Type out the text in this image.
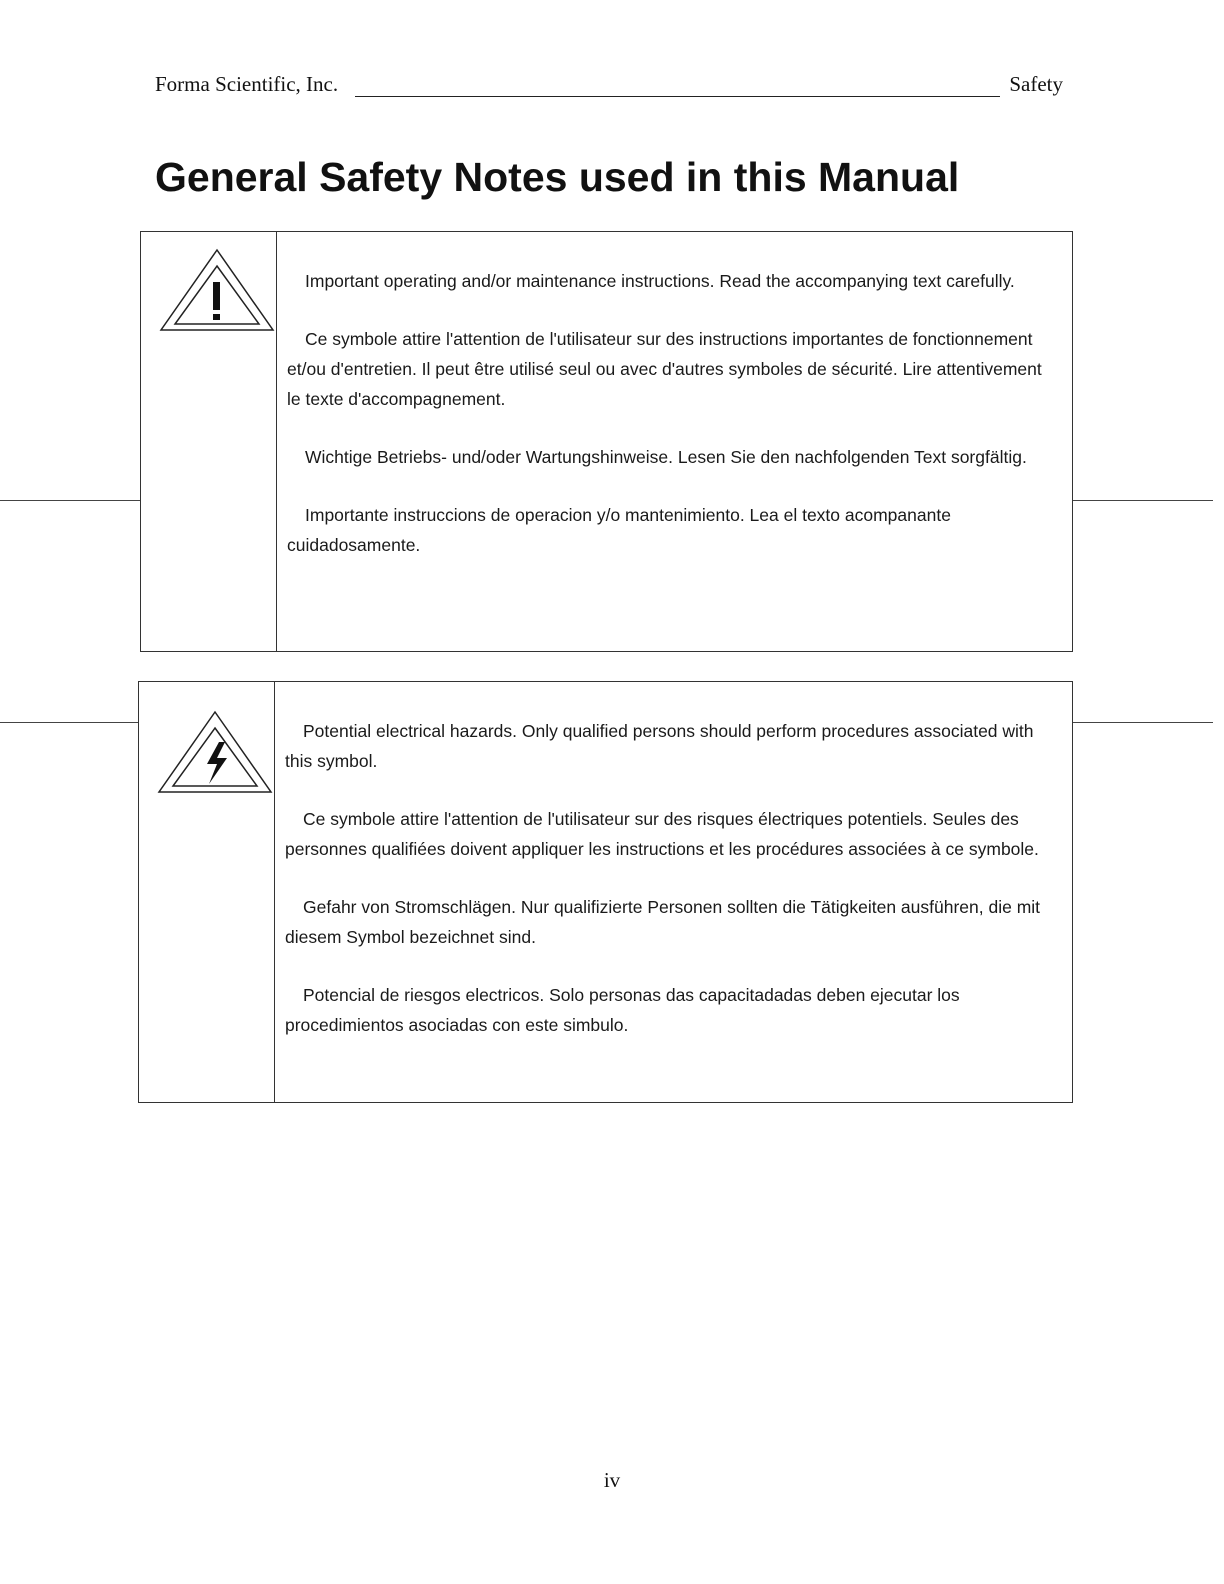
Forma Scientific, Inc.	Safety
General Safety Notes used in this Manual

Important operating and/or maintenance instructions. Read the accompanying text carefully.

Ce symbole attire l'attention de l'utilisateur sur des instructions importantes de fonctionnement et/ou d'entretien. Il peut être utilisé seul ou avec d'autres symboles de sécurité. Lire attentivement le texte d'accompagnement.

Wichtige Betriebs- und/oder Wartungshinweise. Lesen Sie den nachfolgenden Text sorgfältig.

Importante instruccions de operacion y/o mantenimiento. Lea el texto acompanante cuidadosamente.

Potential electrical hazards. Only qualified persons should perform procedures associated with this symbol.

Ce symbole attire l'attention de l'utilisateur sur des risques électriques potentiels. Seules des personnes qualifiées doivent appliquer les instructions et les procédures associées à ce symbole.

Gefahr von Stromschlägen. Nur qualifizierte Personen sollten die Tätigkeiten ausführen, die mit diesem Symbol bezeichnet sind.

Potencial de riesgos electricos. Solo personas das capacitadadas deben ejecutar los procedimientos asociadas con este simbulo.

iv
